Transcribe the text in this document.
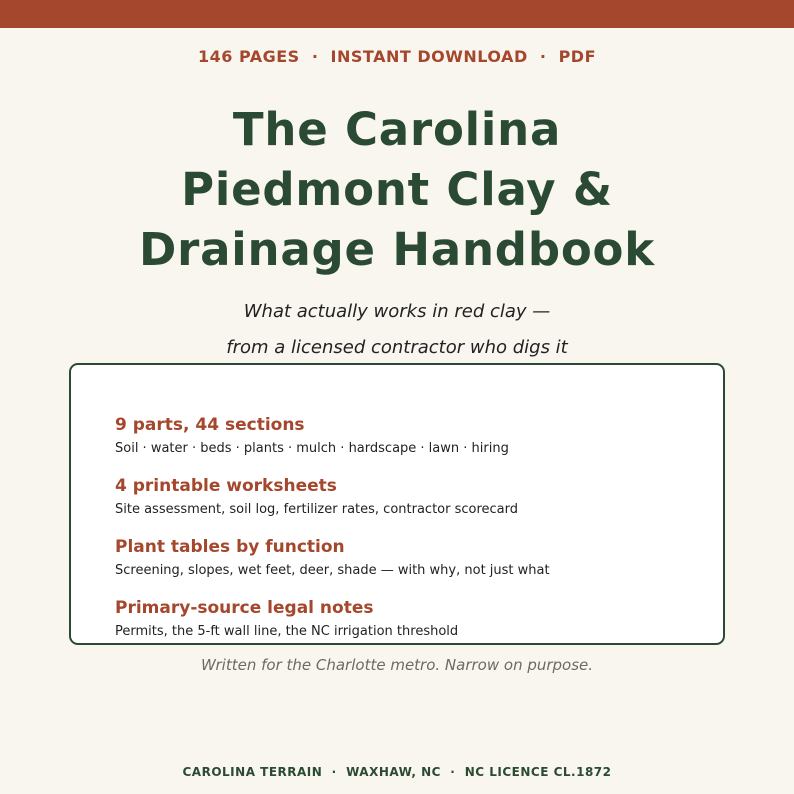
146 PAGES  ·  INSTANT DOWNLOAD  ·  PDF
The Carolina
Piedmont Clay &
Drainage Handbook
What actually works in red clay —
from a licensed contractor who digs it
9 parts, 44 sections
Soil · water · beds · plants · mulch · hardscape · lawn · hiring
4 printable worksheets
Site assessment, soil log, fertilizer rates, contractor scorecard
Plant tables by function
Screening, slopes, wet feet, deer, shade — with why, not just what
Primary-source legal notes
Permits, the 5-ft wall line, the NC irrigation threshold
Written for the Charlotte metro. Narrow on purpose.
CAROLINA TERRAIN  ·  WAXHAW, NC  ·  NC LICENCE CL.1872
